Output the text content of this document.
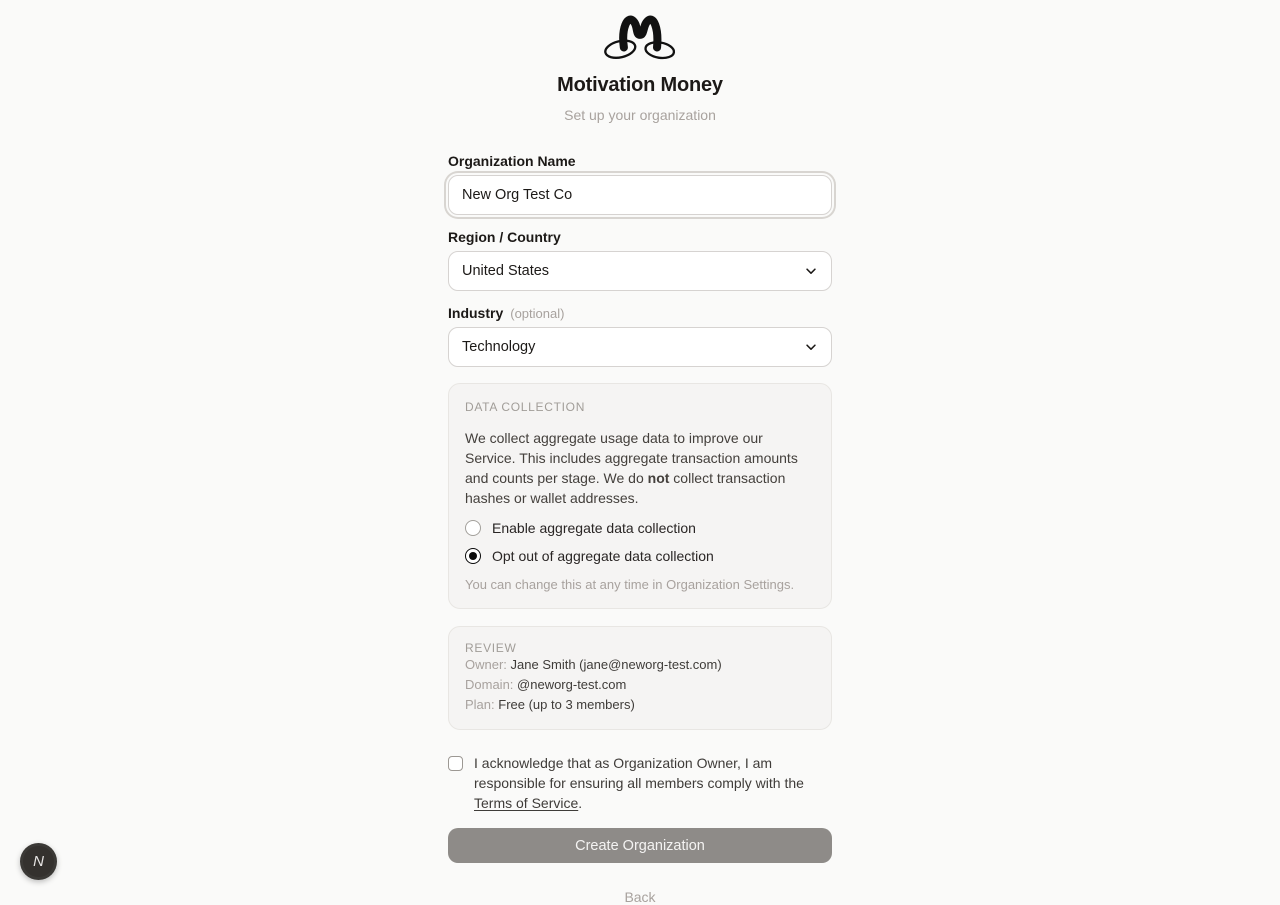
Motivation Money
Set up your organization
Organization Name
New Org Test Co
Region / Country
United States
Industry (optional)
Technology
DATA COLLECTION
We collect aggregate usage data to improve our Service. This includes aggregate transaction amounts and counts per stage. We do not collect transaction hashes or wallet addresses.
Enable aggregate data collection
Opt out of aggregate data collection
You can change this at any time in Organization Settings.
REVIEW
Owner: Jane Smith (jane@neworg-test.com)
Domain: @neworg-test.com
Plan: Free (up to 3 members)
I acknowledge that as Organization Owner, I am responsible for ensuring all members comply with the Terms of Service.
Create Organization
Back
N
